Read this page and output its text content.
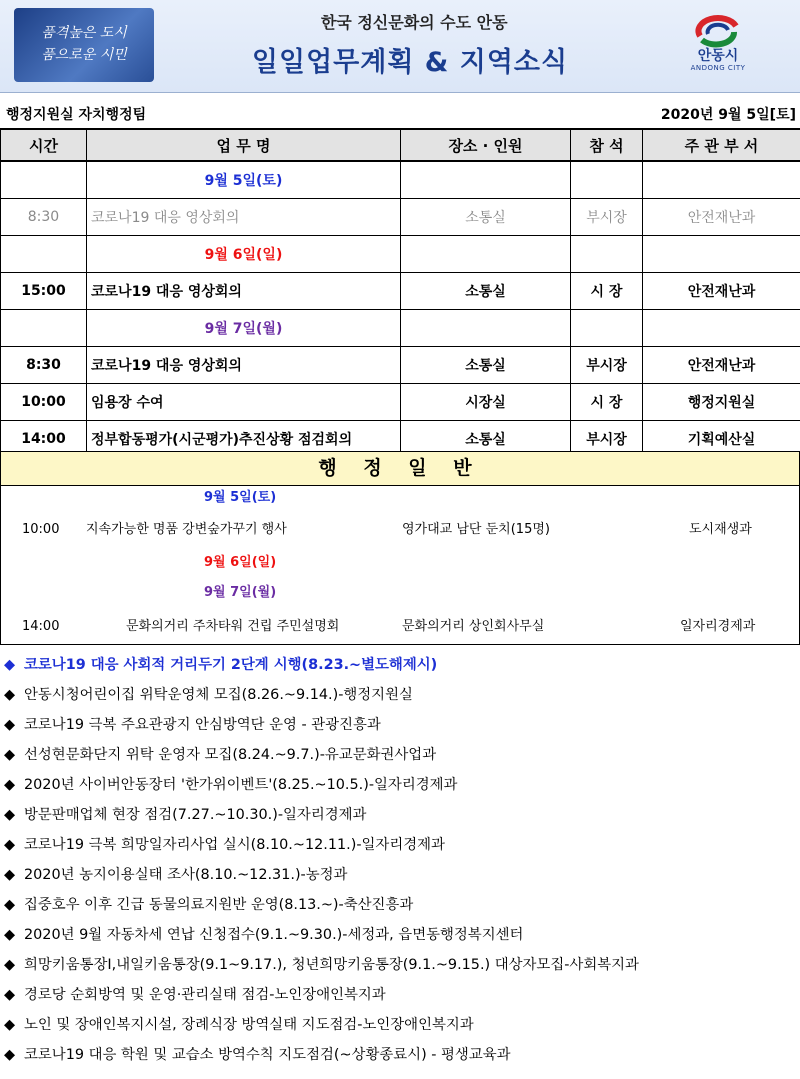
품격높은 도시
품으로운 시민
한국 정신문화의 수도 안동
일일업무계획 & 지역소식	안동시
ANDONG CITY
행정지원실 자치행정팀	2020년 9월 5일[토]
시간	업 무 명	장소 · 인원	참 석	주 관 부 서
	9월 5일(토)			
8:30	코로나19 대응 영상회의	소통실	부시장	안전재난과
	9월 6일(일)			
15:00	코로나19 대응 영상회의	소통실	시 장	안전재난과
	9월 7일(월)			
8:30	코로나19 대응 영상회의	소통실	부시장	안전재난과
10:00	임용장 수여	시장실	시 장	행정지원실
14:00	정부합동평가(시군평가)추진상황 점검회의	소통실	부시장	기획예산실
행 정 일 반
9월 5일(토)
10:00 지속가능한 명품 강변숲가꾸기 행사	영가대교 남단 둔치(15명)	도시재생과
9월 6일(일)
9월 7일(월)
14:00	문화의거리 주차타워 건립 주민설명회	문화의거리 상인회사무실	일자리경제과
◆ 코로나19 대응 사회적 거리두기 2단계 시행(8.23.~별도해제시)
◆ 안동시청어린이집 위탁운영체 모집(8.26.~9.14.)-행정지원실
◆ 코로나19 극복 주요관광지 안심방역단 운영 - 관광진흥과
◆ 선성현문화단지 위탁 운영자 모집(8.24.~9.7.)-유교문화권사업과
◆ 2020년 사이버안동장터 '한가위이벤트'(8.25.~10.5.)-일자리경제과
◆ 방문판매업체 현장 점검(7.27.~10.30.)-일자리경제과
◆ 코로나19 극복 희망일자리사업 실시(8.10.~12.11.)-일자리경제과
◆ 2020년 농지이용실태 조사(8.10.~12.31.)-농정과
◆ 집중호우 이후 긴급 동물의료지원반 운영(8.13.~)-축산진흥과
◆ 2020년 9월 자동차세 연납 신청접수(9.1.~9.30.)-세정과, 읍면동행정복지센터
◆ 희망키움통장Ⅰ,내일키움통장(9.1~9.17.), 청년희망키움통장(9.1.~9.15.) 대상자모집-사회복지과
◆ 경로당 순회방역 및 운영·관리실태 점검-노인장애인복지과
◆ 노인 및 장애인복지시설, 장례식장 방역실태 지도점검-노인장애인복지과
◆ 코로나19 대응 학원 및 교습소 방역수칙 지도점검(~상황종료시) - 평생교육과
